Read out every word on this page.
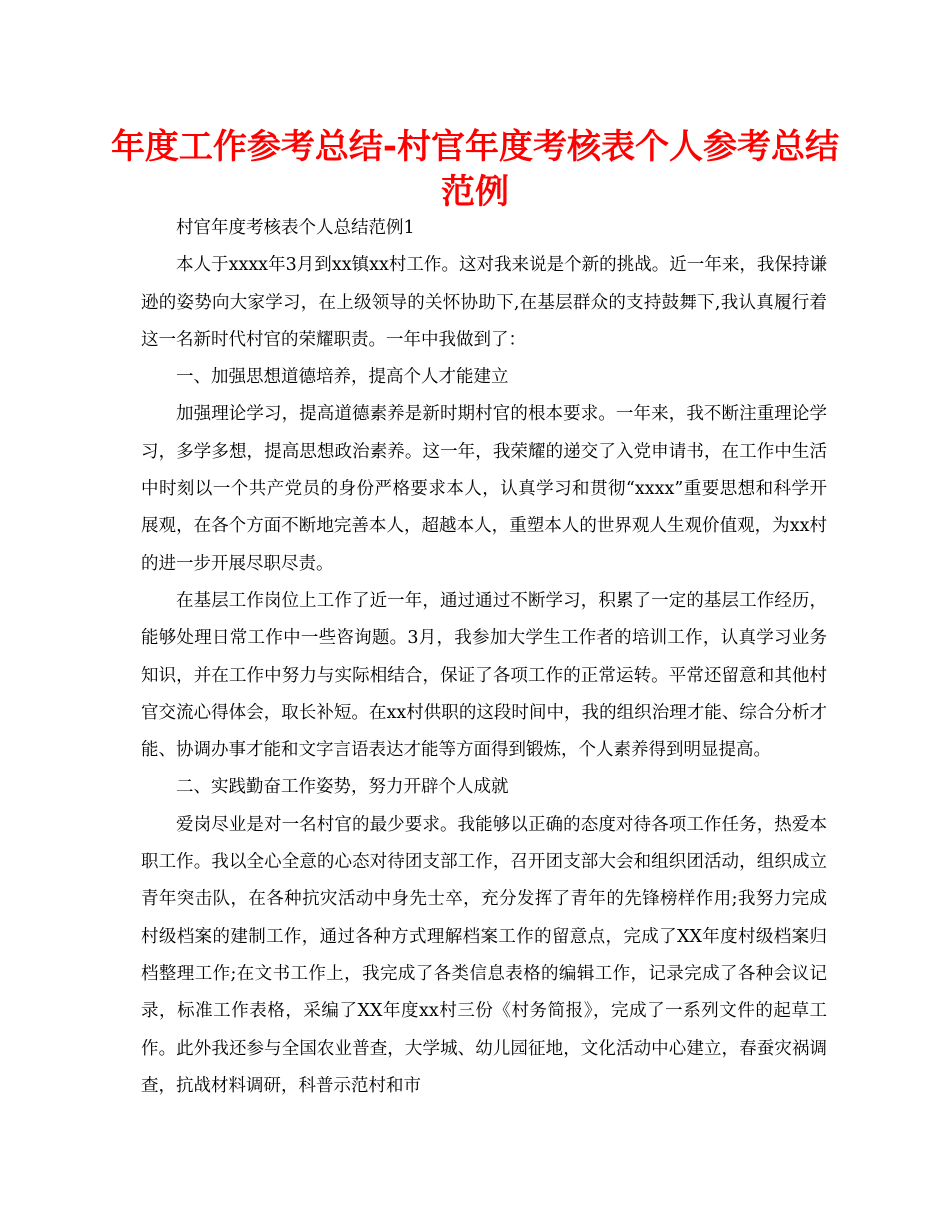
年度工作参考总结-村官年度考核表个人参考总结
范例

村官年度考核表个人总结范例1

本人于xxxx年3月到xx镇xx村工作。这对我来说是个新的挑战。近一年来，我保持谦逊的姿势向大家学习，在上级领导的关怀协助下,在基层群众的支持鼓舞下,我认真履行着这一名新时代村官的荣耀职责。一年中我做到了：

一、加强思想道德培养，提高个人才能建立

加强理论学习，提高道德素养是新时期村官的根本要求。一年来，我不断注重理论学习，多学多想，提高思想政治素养。这一年，我荣耀的递交了入党申请书，在工作中生活中时刻以一个共产党员的身份严格要求本人，认真学习和贯彻“xxxx”重要思想和科学开展观，在各个方面不断地完善本人，超越本人，重塑本人的世界观人生观价值观，为xx村的进一步开展尽职尽责。

在基层工作岗位上工作了近一年，通过通过不断学习，积累了一定的基层工作经历，能够处理日常工作中一些咨询题。3月，我参加大学生工作者的培训工作，认真学习业务知识，并在工作中努力与实际相结合，保证了各项工作的正常运转。平常还留意和其他村官交流心得体会，取长补短。在xx村供职的这段时间中，我的组织治理才能、综合分析才能、协调办事才能和文字言语表达才能等方面得到锻炼，个人素养得到明显提高。

二、实践勤奋工作姿势，努力开辟个人成就

爱岗尽业是对一名村官的最少要求。我能够以正确的态度对待各项工作任务，热爱本职工作。我以全心全意的心态对待团支部工作，召开团支部大会和组织团活动，组织成立青年突击队，在各种抗灾活动中身先士卒，充分发挥了青年的先锋榜样作用;我努力完成村级档案的建制工作，通过各种方式理解档案工作的留意点，完成了XX年度村级档案归档整理工作;在文书工作上，我完成了各类信息表格的编辑工作，记录完成了各种会议记录，标准工作表格，采编了XX年度xx村三份《村务简报》，完成了一系列文件的起草工作。此外我还参与全国农业普查，大学城、幼儿园征地，文化活动中心建立，春蚕灾祸调查，抗战材料调研，科普示范村和市
